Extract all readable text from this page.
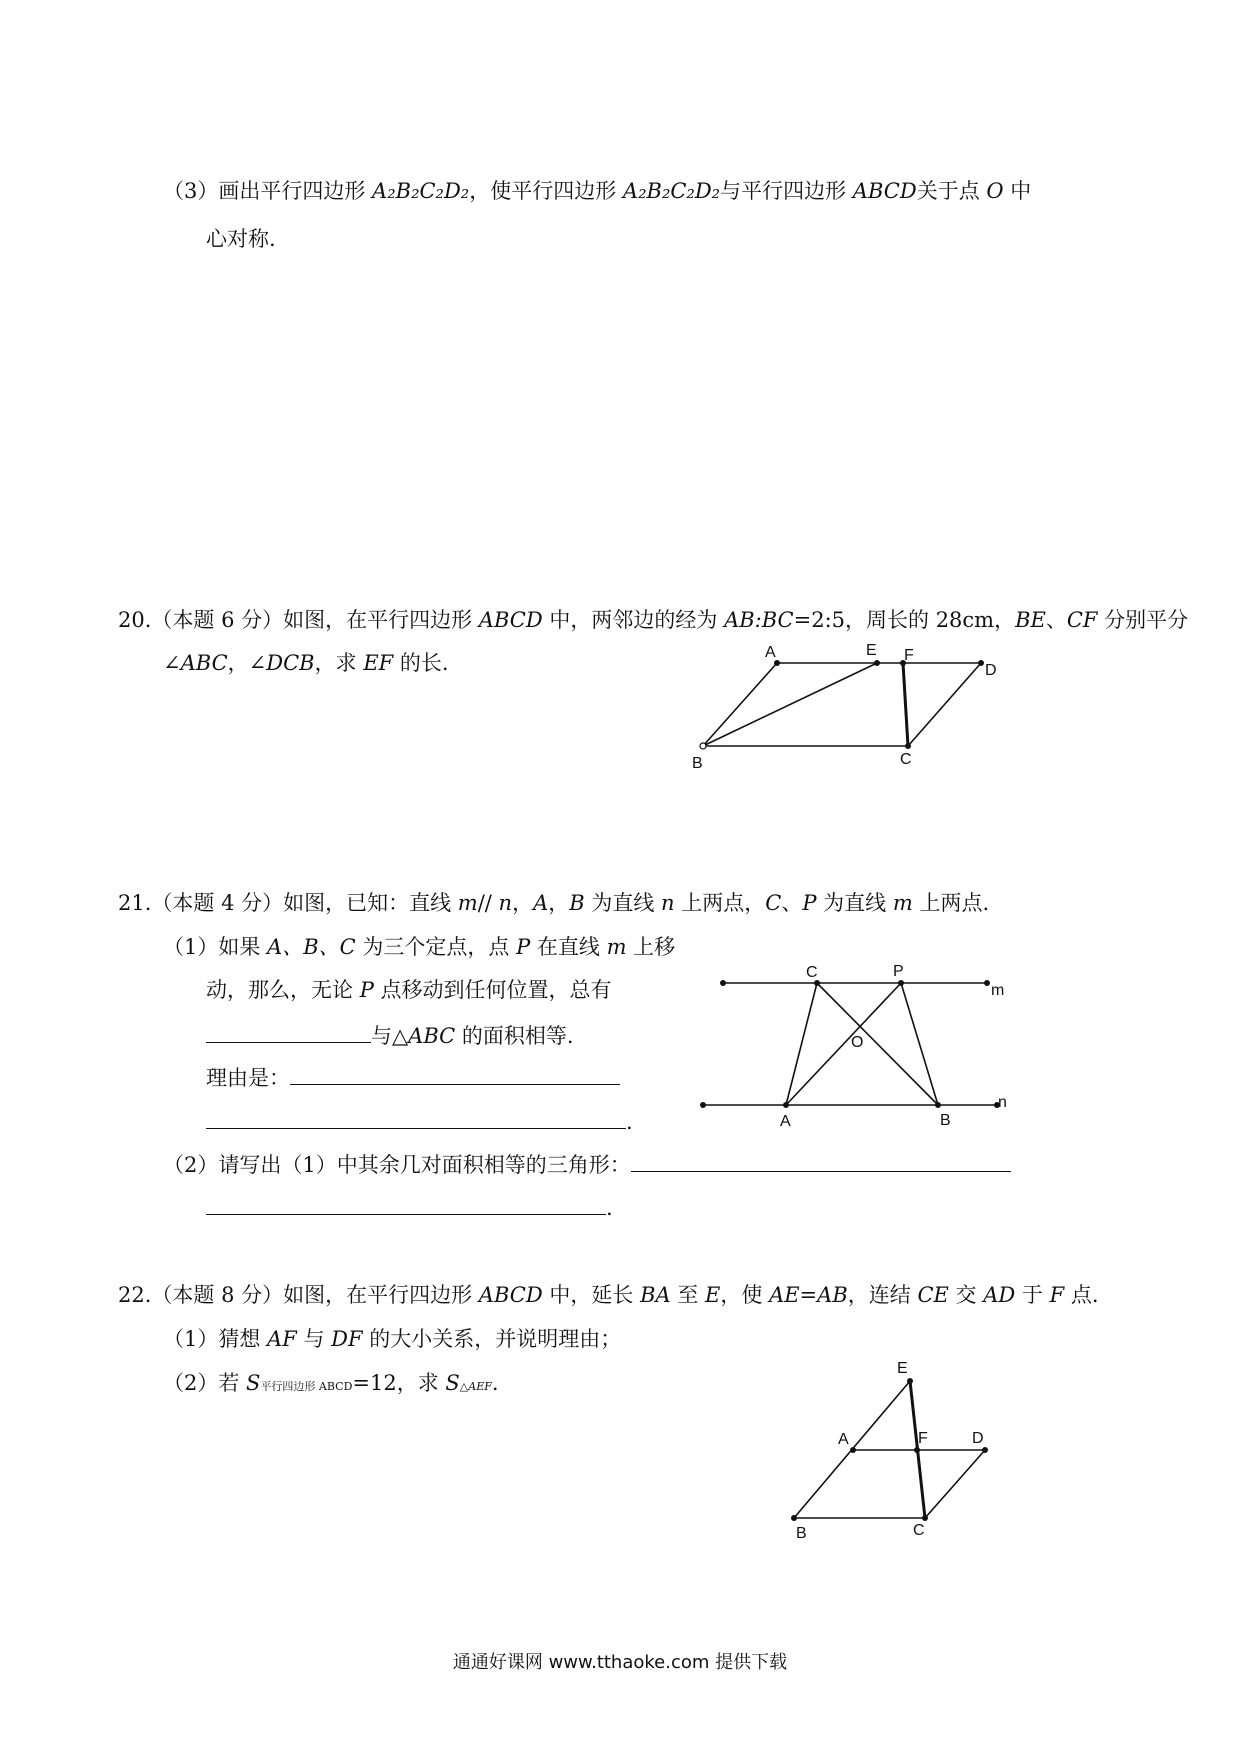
（3）画出平行四边形 A₂B₂C₂D₂，使平行四边形 A₂B₂C₂D₂与平行四边形 ABCD关于点 O 中
心对称.
20.（本题 6 分）如图，在平行四边形 ABCD 中，两邻边的经为 AB:BC=2:5，周长的 28cm，BE、CF 分别平分
∠ABC，∠DCB，求 EF 的长.	A	E F
D
B	C
21.（本题 4 分）如图，已知：直线 m// n，A，B 为直线 n 上两点，C、P 为直线 m 上两点.
（1）如果 A、B、C 为三个定点，点 P 在直线 m 上移
动，那么，无论 P 点移动到任何位置，总有
与△ABC 的面积相等.
理由是：
.
（2）请写出（1）中其余几对面积相等的三角形：
.
C	P
m
O
A	B
n
22.（本题 8 分）如图，在平行四边形 ABCD 中，延长 BA 至 E，使 AE=AB，连结 CE 交 AD 于 F 点.
（1）猜想 AF 与 DF 的大小关系，并说明理由；
（2）若 S平行四边形 ABCD=12，求 S△AEF.
E
A	F	D
B	C
通通好课网 www.tthaoke.com 提供下载
